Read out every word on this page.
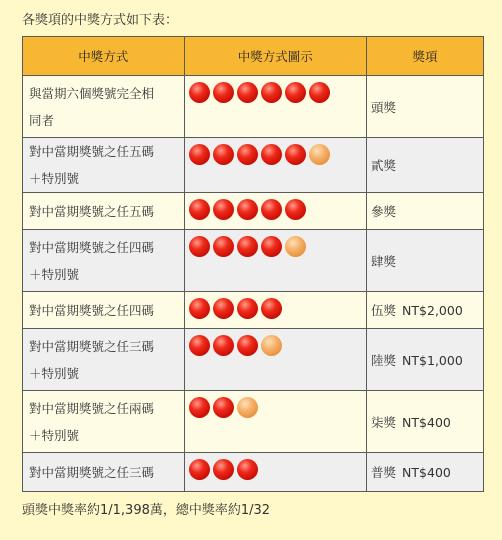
各獎項的中獎方式如下表：
中獎方式	中獎方式圖示	獎項

與當期六個獎號完全相
同者		頭獎

對中當期獎號之任五碼
＋特別號		貳獎

對中當期獎號之任五碼		參獎

對中當期獎號之任四碼
＋特別號		肆獎

對中當期獎號之任四碼		伍獎 NT$2,000

對中當期獎號之任三碼
＋特別號		陸獎 NT$1,000

對中當期獎號之任兩碼
＋特別號		柒獎 NT$400

對中當期獎號之任三碼		普獎 NT$400
頭獎中獎率約1/1,398萬，總中獎率約1/32
